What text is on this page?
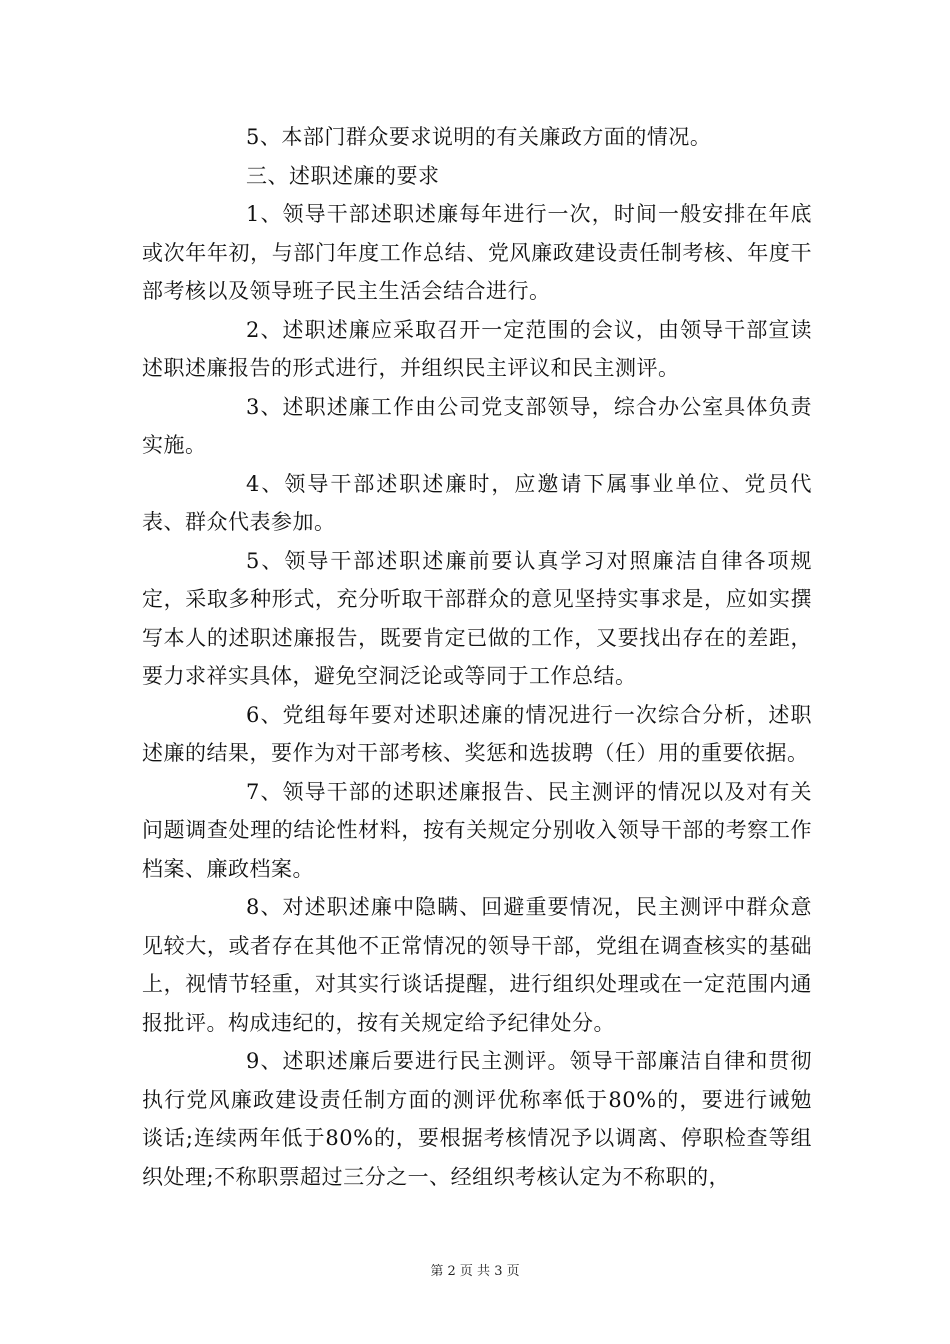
5、本部门群众要求说明的有关廉政方面的情况。

三、述职述廉的要求

1、领导干部述职述廉每年进行一次，时间一般安排在年底或次年年初，与部门年度工作总结、党风廉政建设责任制考核、年度干部考核以及领导班子民主生活会结合进行。

2、述职述廉应采取召开一定范围的会议，由领导干部宣读述职述廉报告的形式进行，并组织民主评议和民主测评。

3、述职述廉工作由公司党支部领导，综合办公室具体负责实施。

4、领导干部述职述廉时，应邀请下属事业单位、党员代表、群众代表参加。

5、领导干部述职述廉前要认真学习对照廉洁自律各项规定，采取多种形式，充分听取干部群众的意见坚持实事求是，应如实撰写本人的述职述廉报告，既要肯定已做的工作，又要找出存在的差距，要力求祥实具体，避免空洞泛论或等同于工作总结。

6、党组每年要对述职述廉的情况进行一次综合分析，述职述廉的结果，要作为对干部考核、奖惩和选拔聘（任）用的重要依据。

7、领导干部的述职述廉报告、民主测评的情况以及对有关问题调查处理的结论性材料，按有关规定分别收入领导干部的考察工作档案、廉政档案。

8、对述职述廉中隐瞒、回避重要情况，民主测评中群众意见较大，或者存在其他不正常情况的领导干部，党组在调查核实的基础上，视情节轻重，对其实行谈话提醒，进行组织处理或在一定范围内通报批评。构成违纪的，按有关规定给予纪律处分。

9、述职述廉后要进行民主测评。领导干部廉洁自律和贯彻执行党风廉政建设责任制方面的测评优称率低于80%的，要进行诫勉谈话;连续两年低于80%的，要根据考核情况予以调离、停职检查等组织处理;不称职票超过三分之一、经组织考核认定为不称职的，

第 2 页 共 3 页
